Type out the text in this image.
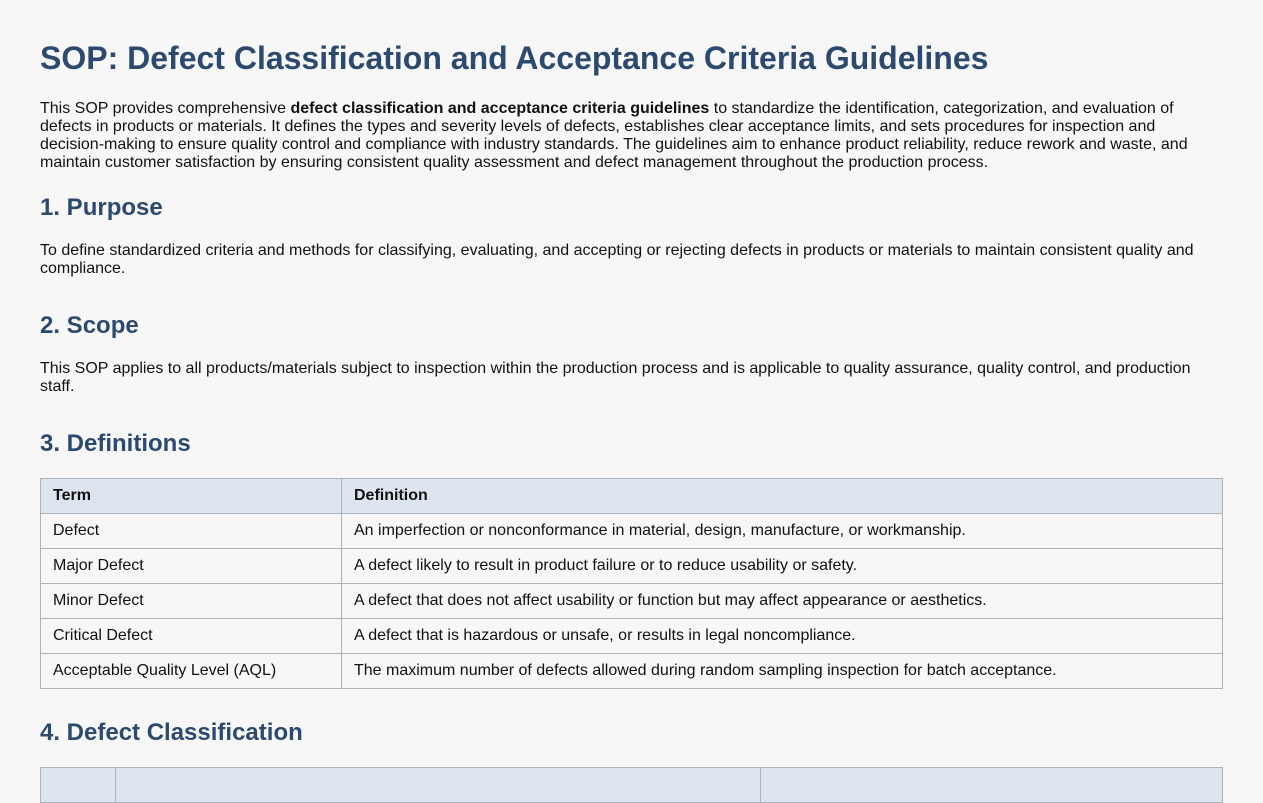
SOP: Defect Classification and Acceptance Criteria Guidelines

This SOP provides comprehensive defect classification and acceptance criteria guidelines to standardize the identification, categorization, and evaluation of defects in products or materials. It defines the types and severity levels of defects, establishes clear acceptance limits, and sets procedures for inspection and decision-making to ensure quality control and compliance with industry standards. The guidelines aim to enhance product reliability, reduce rework and waste, and maintain customer satisfaction by ensuring consistent quality assessment and defect management throughout the production process.

1. Purpose

To define standardized criteria and methods for classifying, evaluating, and accepting or rejecting defects in products or materials to maintain consistent quality and compliance.

2. Scope

This SOP applies to all products/materials subject to inspection within the production process and is applicable to quality assurance, quality control, and production staff.

3. Definitions
Term	Definition
Defect	An imperfection or nonconformance in material, design, manufacture, or workmanship.
Major Defect	A defect likely to result in product failure or to reduce usability or safety.
Minor Defect	A defect that does not affect usability or function but may affect appearance or aesthetics.
Critical Defect	A defect that is hazardous or unsafe, or results in legal noncompliance.
Acceptable Quality Level (AQL)	The maximum number of defects allowed during random sampling inspection for batch acceptance.
4. Defect Classification
